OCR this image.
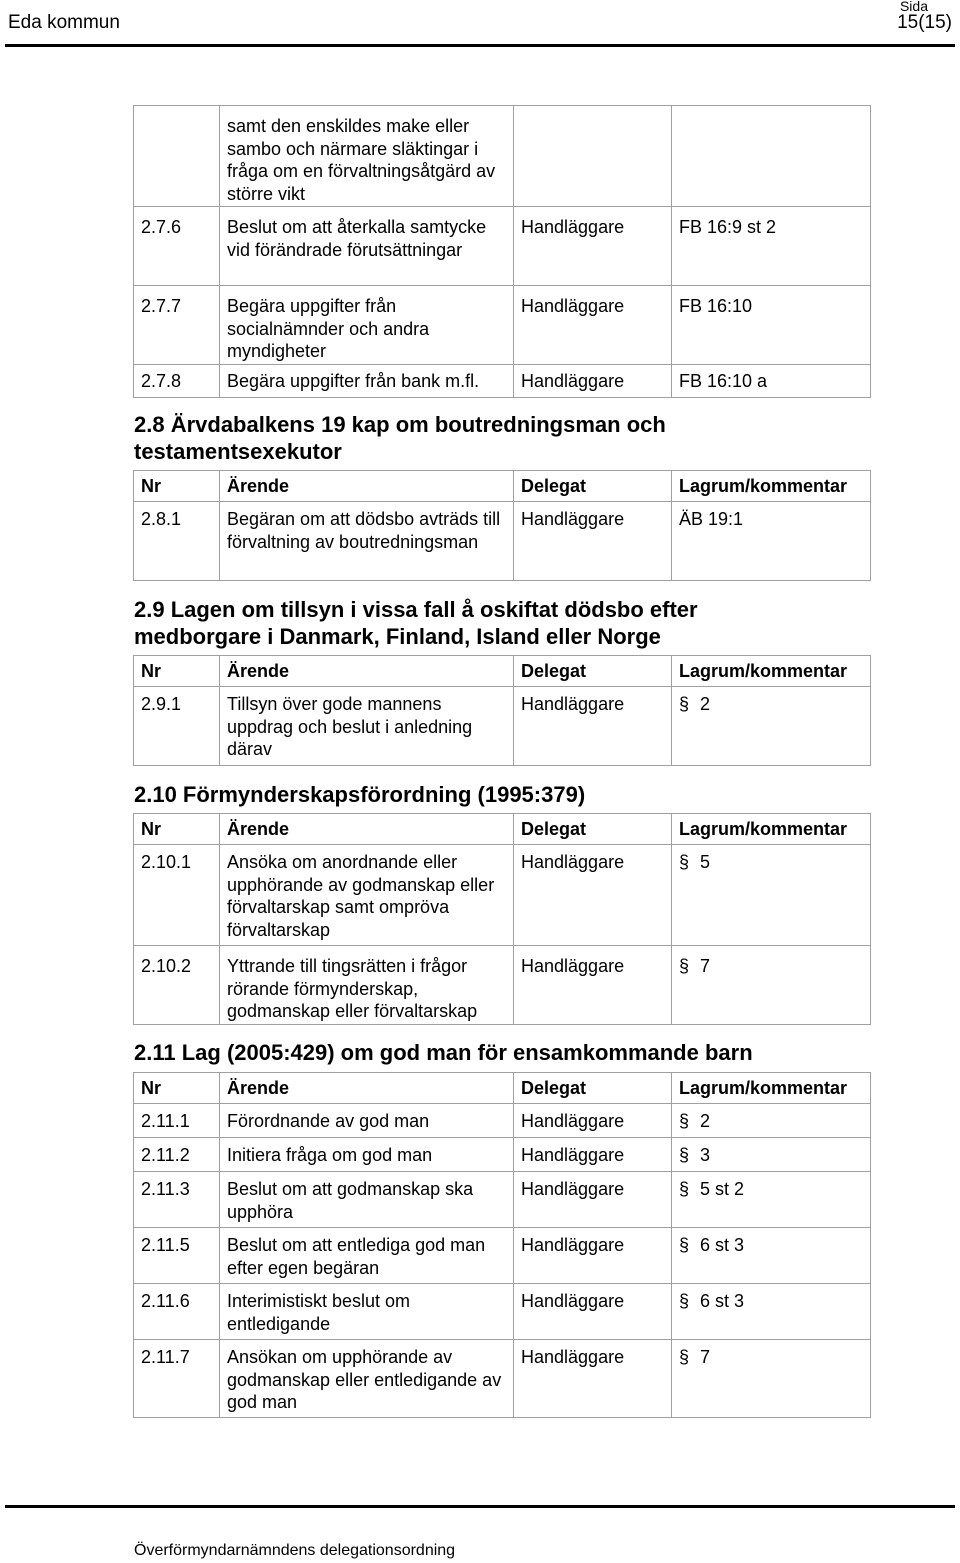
Eda kommun
Sida
15(15)
	samt den enskildes make eller sambo och närmare släktingar i fråga om en förvaltningsåtgärd av större vikt		
2.7.6	Beslut om att återkalla samtycke vid förändrade förutsättningar	Handläggare	FB 16:9 st 2
2.7.7	Begära uppgifter från socialnämnder och andra myndigheter	Handläggare	FB 16:10
2.7.8	Begära uppgifter från bank m.fl.	Handläggare	FB 16:10 a
2.8 Ärvdabalkens 19 kap om boutredningsman och testamentsexekutor
Nr	Ärende	Delegat	Lagrum/kommentar
2.8.1	Begäran om att dödsbo avträds till förvaltning av boutredningsman	Handläggare	ÄB 19:1
2.9 Lagen om tillsyn i vissa fall å oskiftat dödsbo efter medborgare i Danmark, Finland, Island eller Norge
Nr	Ärende	Delegat	Lagrum/kommentar
2.9.1	Tillsyn över gode mannens uppdrag och beslut i anledning därav	Handläggare	§ 2
2.10 Förmynderskapsförordning (1995:379)
Nr	Ärende	Delegat	Lagrum/kommentar
2.10.1	Ansöka om anordnande eller upphörande av godmanskap eller förvaltarskap samt ompröva förvaltarskap	Handläggare	§ 5
2.10.2	Yttrande till tingsrätten i frågor rörande förmynderskap, godmanskap eller förvaltarskap	Handläggare	§ 7
2.11 Lag (2005:429) om god man för ensamkommande barn
Nr	Ärende	Delegat	Lagrum/kommentar
2.11.1	Förordnande av god man	Handläggare	§ 2
2.11.2	Initiera fråga om god man	Handläggare	§ 3
2.11.3	Beslut om att godmanskap ska upphöra	Handläggare	§ 5 st 2
2.11.5	Beslut om att entlediga god man efter egen begäran	Handläggare	§ 6 st 3
2.11.6	Interimistiskt beslut om entledigande	Handläggare	§ 6 st 3
2.11.7	Ansökan om upphörande av godmanskap eller entledigande av god man	Handläggare	§ 7
Överförmyndarnämndens delegationsordning
